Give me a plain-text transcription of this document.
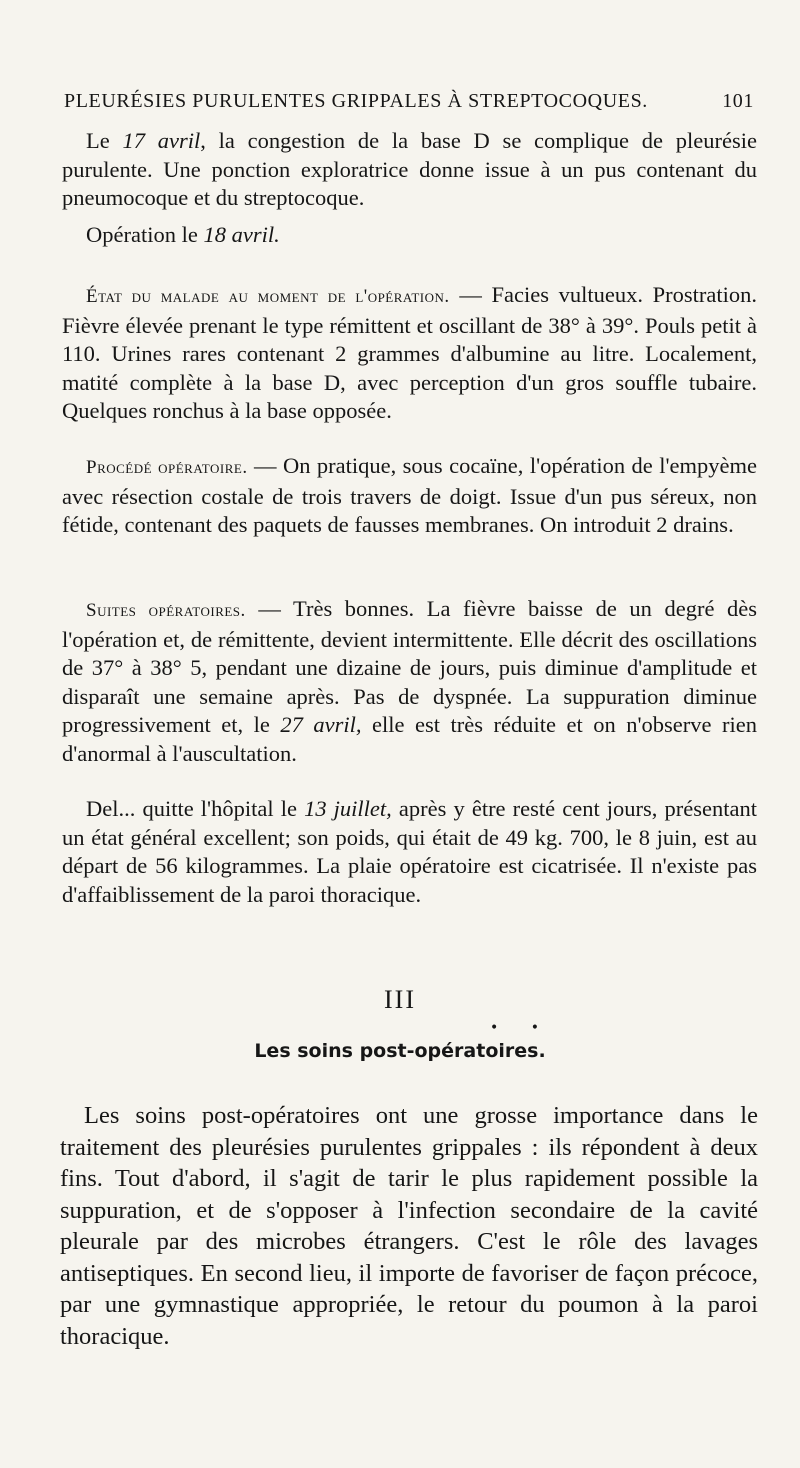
PLEURÉSIES PURULENTES GRIPPALES À STREPTOCOQUES.	101

Le 17 avril, la congestion de la base D se complique de pleurésie purulente. Une ponction exploratrice donne issue à un pus contenant du pneumocoque et du streptocoque.

Opération le 18 avril.

État du malade au moment de l'opération. — Facies vultueux. Prostration. Fièvre élevée prenant le type rémittent et oscillant de 38° à 39°. Pouls petit à 110. Urines rares contenant 2 grammes d'albumine au litre. Localement, matité complète à la base D, avec perception d'un gros souffle tubaire. Quelques ronchus à la base opposée.

Procédé opératoire. — On pratique, sous cocaïne, l'opération de l'empyème avec résection costale de trois travers de doigt. Issue d'un pus séreux, non fétide, contenant des paquets de fausses membranes. On introduit 2 drains.

Suites opératoires. — Très bonnes. La fièvre baisse de un degré dès l'opération et, de rémittente, devient intermittente. Elle décrit des oscillations de 37° à 38° 5, pendant une dizaine de jours, puis diminue d'amplitude et disparaît une semaine après. Pas de dyspnée. La suppuration diminue progressivement et, le 27 avril, elle est très réduite et on n'observe rien d'anormal à l'auscultation.

Del... quitte l'hôpital le 13 juillet, après y être resté cent jours, présentant un état général excellent; son poids, qui était de 49 kg. 700, le 8 juin, est au départ de 56 kilogrammes. La plaie opératoire est cicatrisée. Il n'existe pas d'affaiblissement de la paroi thoracique.

III
• •
Les soins post-opératoires.

Les soins post-opératoires ont une grosse importance dans le traitement des pleurésies purulentes grippales : ils répondent à deux fins. Tout d'abord, il s'agit de tarir le plus rapidement possible la suppuration, et de s'opposer à l'infection secondaire de la cavité pleurale par des microbes étrangers. C'est le rôle des lavages antiseptiques. En second lieu, il importe de favoriser de façon précoce, par une gymnastique appropriée, le retour du poumon à la paroi thoracique.
